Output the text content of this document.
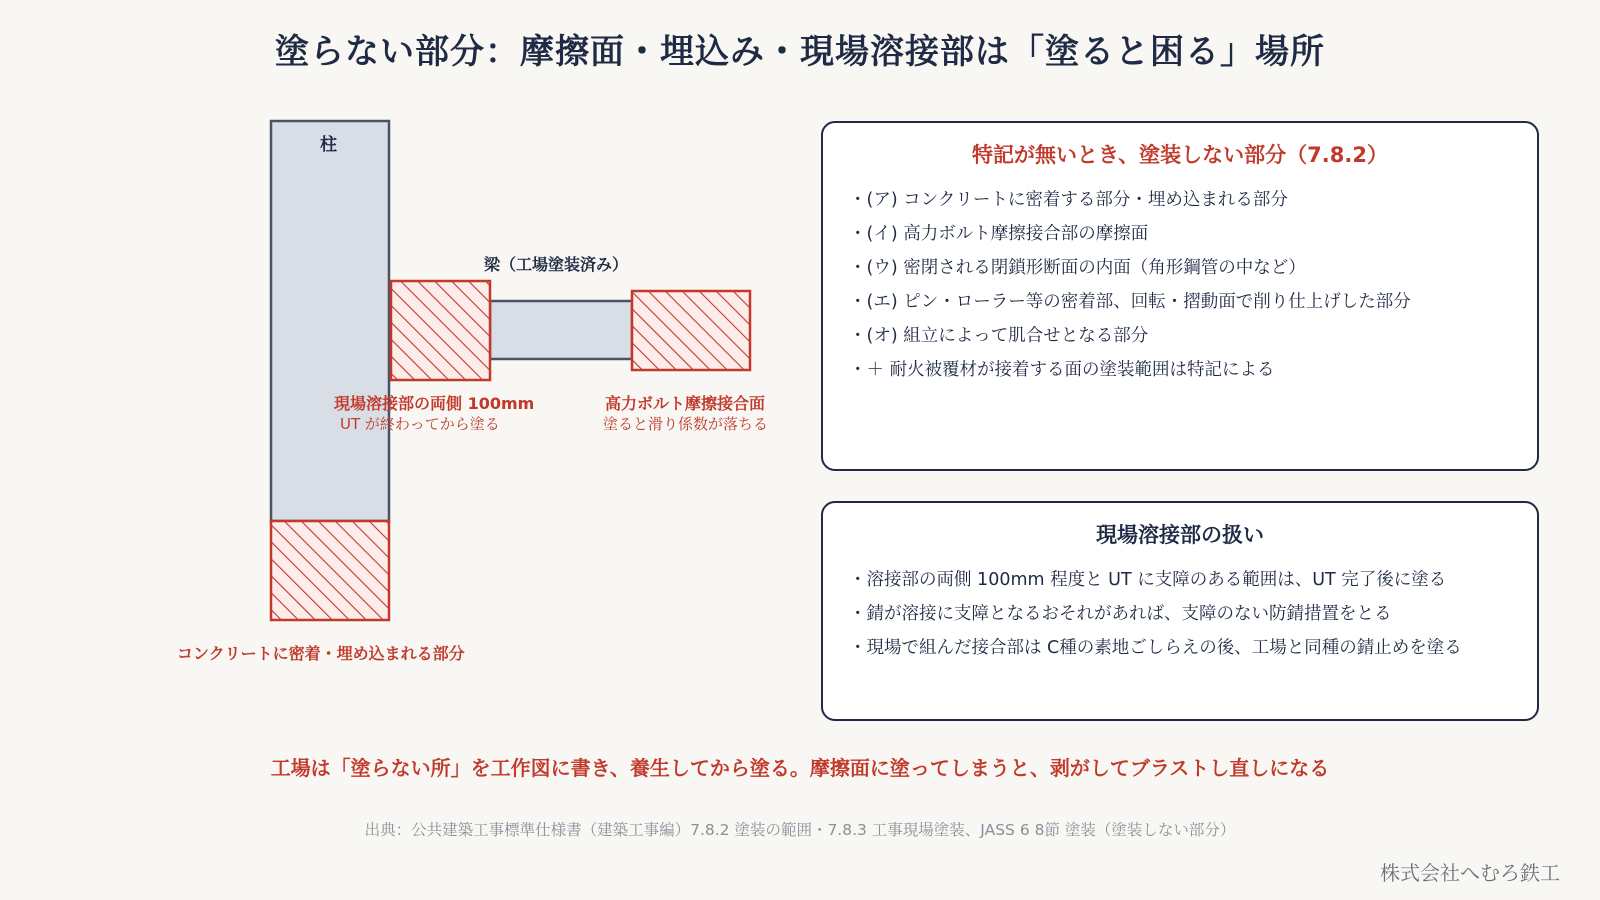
塗らない部分：摩擦面・埋込み・現場溶接部は「塗ると困る」場所
柱
梁（工場塗装済み）
現場溶接部の両側 100mm
UT が終わってから塗る
高力ボルト摩擦接合面
塗ると滑り係数が落ちる
コンクリートに密着・埋め込まれる部分
特記が無いとき、塗装しない部分（7.8.2）
・ (ア) コンクリートに密着する部分・埋め込まれる部分
・ (イ) 高力ボルト摩擦接合部の摩擦面
・ (ウ) 密閉される閉鎖形断面の内面（角形鋼管の中など）
・ (エ) ピン・ローラー等の密着部、回転・摺動面で削り仕上げした部分
・ (オ) 組立によって肌合せとなる部分
・ ＋ 耐火被覆材が接着する面の塗装範囲は特記による
現場溶接部の扱い
・ 溶接部の両側 100mm 程度と UT に支障のある範囲は、UT 完了後に塗る
・ 錆が溶接に支障となるおそれがあれば、支障のない防錆措置をとる
・ 現場で組んだ接合部は C種の素地ごしらえの後、工場と同種の錆止めを塗る
工場は「塗らない所」を工作図に書き、養生してから塗る。摩擦面に塗ってしまうと、剥がしてブラストし直しになる
出典：公共建築工事標準仕様書（建築工事編）7.8.2 塗装の範囲・7.8.3 工事現場塗装、JASS 6 8節 塗装（塗装しない部分）
株式会社へむろ鉄工
